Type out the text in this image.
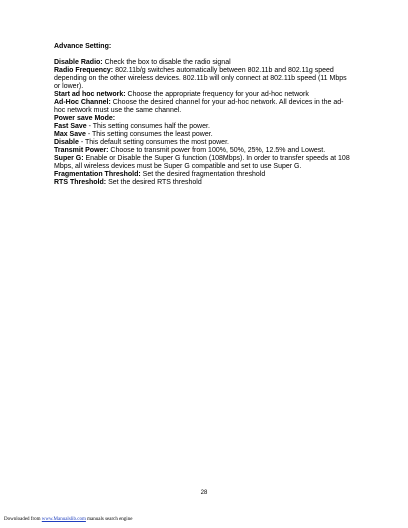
Advance Setting:
Disable Radio: Check the box to disable the radio signal
Radio Frequency: 802.11b/g switches automatically between 802.11b and 802.11g speed depending on the other wireless devices. 802.11b will only connect at 802.11b speed (11 Mbps or lower).
Start ad hoc network: Choose the appropriate frequency for your ad-hoc network
Ad-Hoc Channel: Choose the desired channel for your ad-hoc network. All devices in the ad-hoc network must use the same channel.
Power save Mode:
Fast Save - This setting consumes half the power.
Max Save - This setting consumes the least power.
Disable - This default setting consumes the most power.
Transmit Power: Choose to transmit power from 100%, 50%, 25%, 12.5% and Lowest.
Super G: Enable or Disable the Super G function (108Mbps). In order to transfer speeds at 108 Mbps, all wireless devices must be Super G compatible and set to use Super G.
Fragmentation Threshold: Set the desired fragmentation threshold
RTS Threshold: Set the desired RTS threshold
28
Downloaded from www.Manualslib.com manuals search engine
